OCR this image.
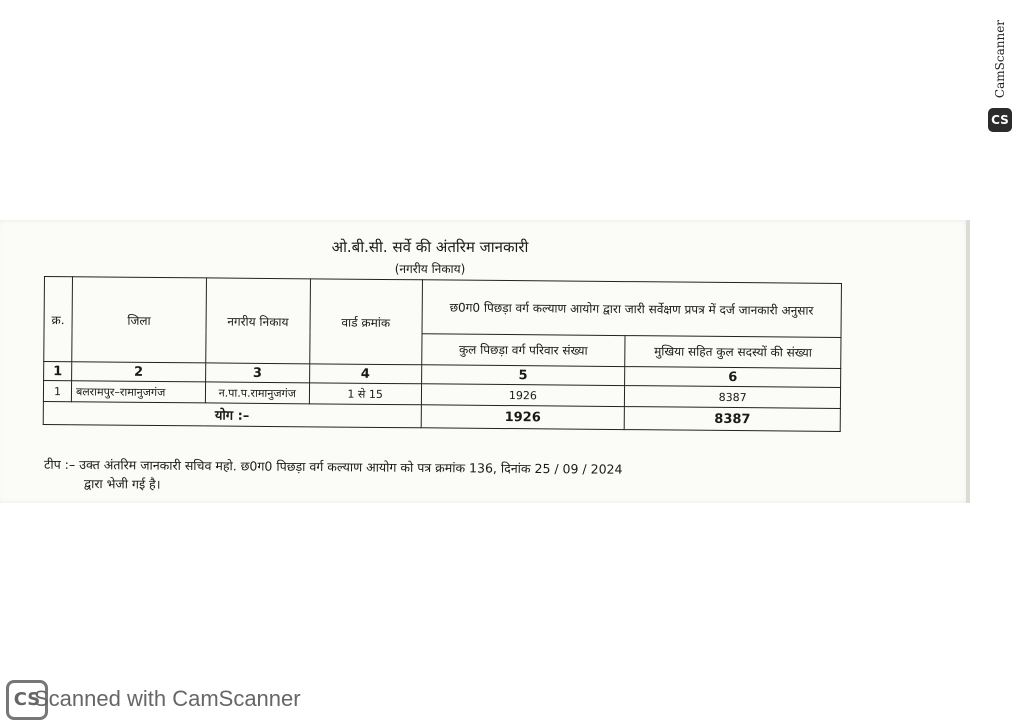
CamScanner
CS
ओ.बी.सी. सर्वे की अंतरिम जानकारी
(नगरीय निकाय)
क्र.	जिला	नगरीय निकाय	वार्ड क्रमांक	छ0ग0 पिछड़ा वर्ग कल्याण आयोग द्वारा जारी सर्वेक्षण प्रपत्र में दर्ज जानकारी अनुसार	
				कुल पिछड़ा वर्ग परिवार संख्या	मुखिया सहित कुल सदस्यों की संख्या
1	2	3	4	5	6
1	बलरामपुर–रामानुजगंज	न.पा.प.रामानुजगंज	1 से 15	1926	8387
योग :–				1926	8387
टीप :– उक्त अंतरिम जानकारी सचिव महो. छ0ग0 पिछड़ा वर्ग कल्याण आयोग को पत्र क्रमांक 136, दिनांक 25 / 09 / 2024
द्वारा भेजी गई है।
CS
Scanned with CamScanner
